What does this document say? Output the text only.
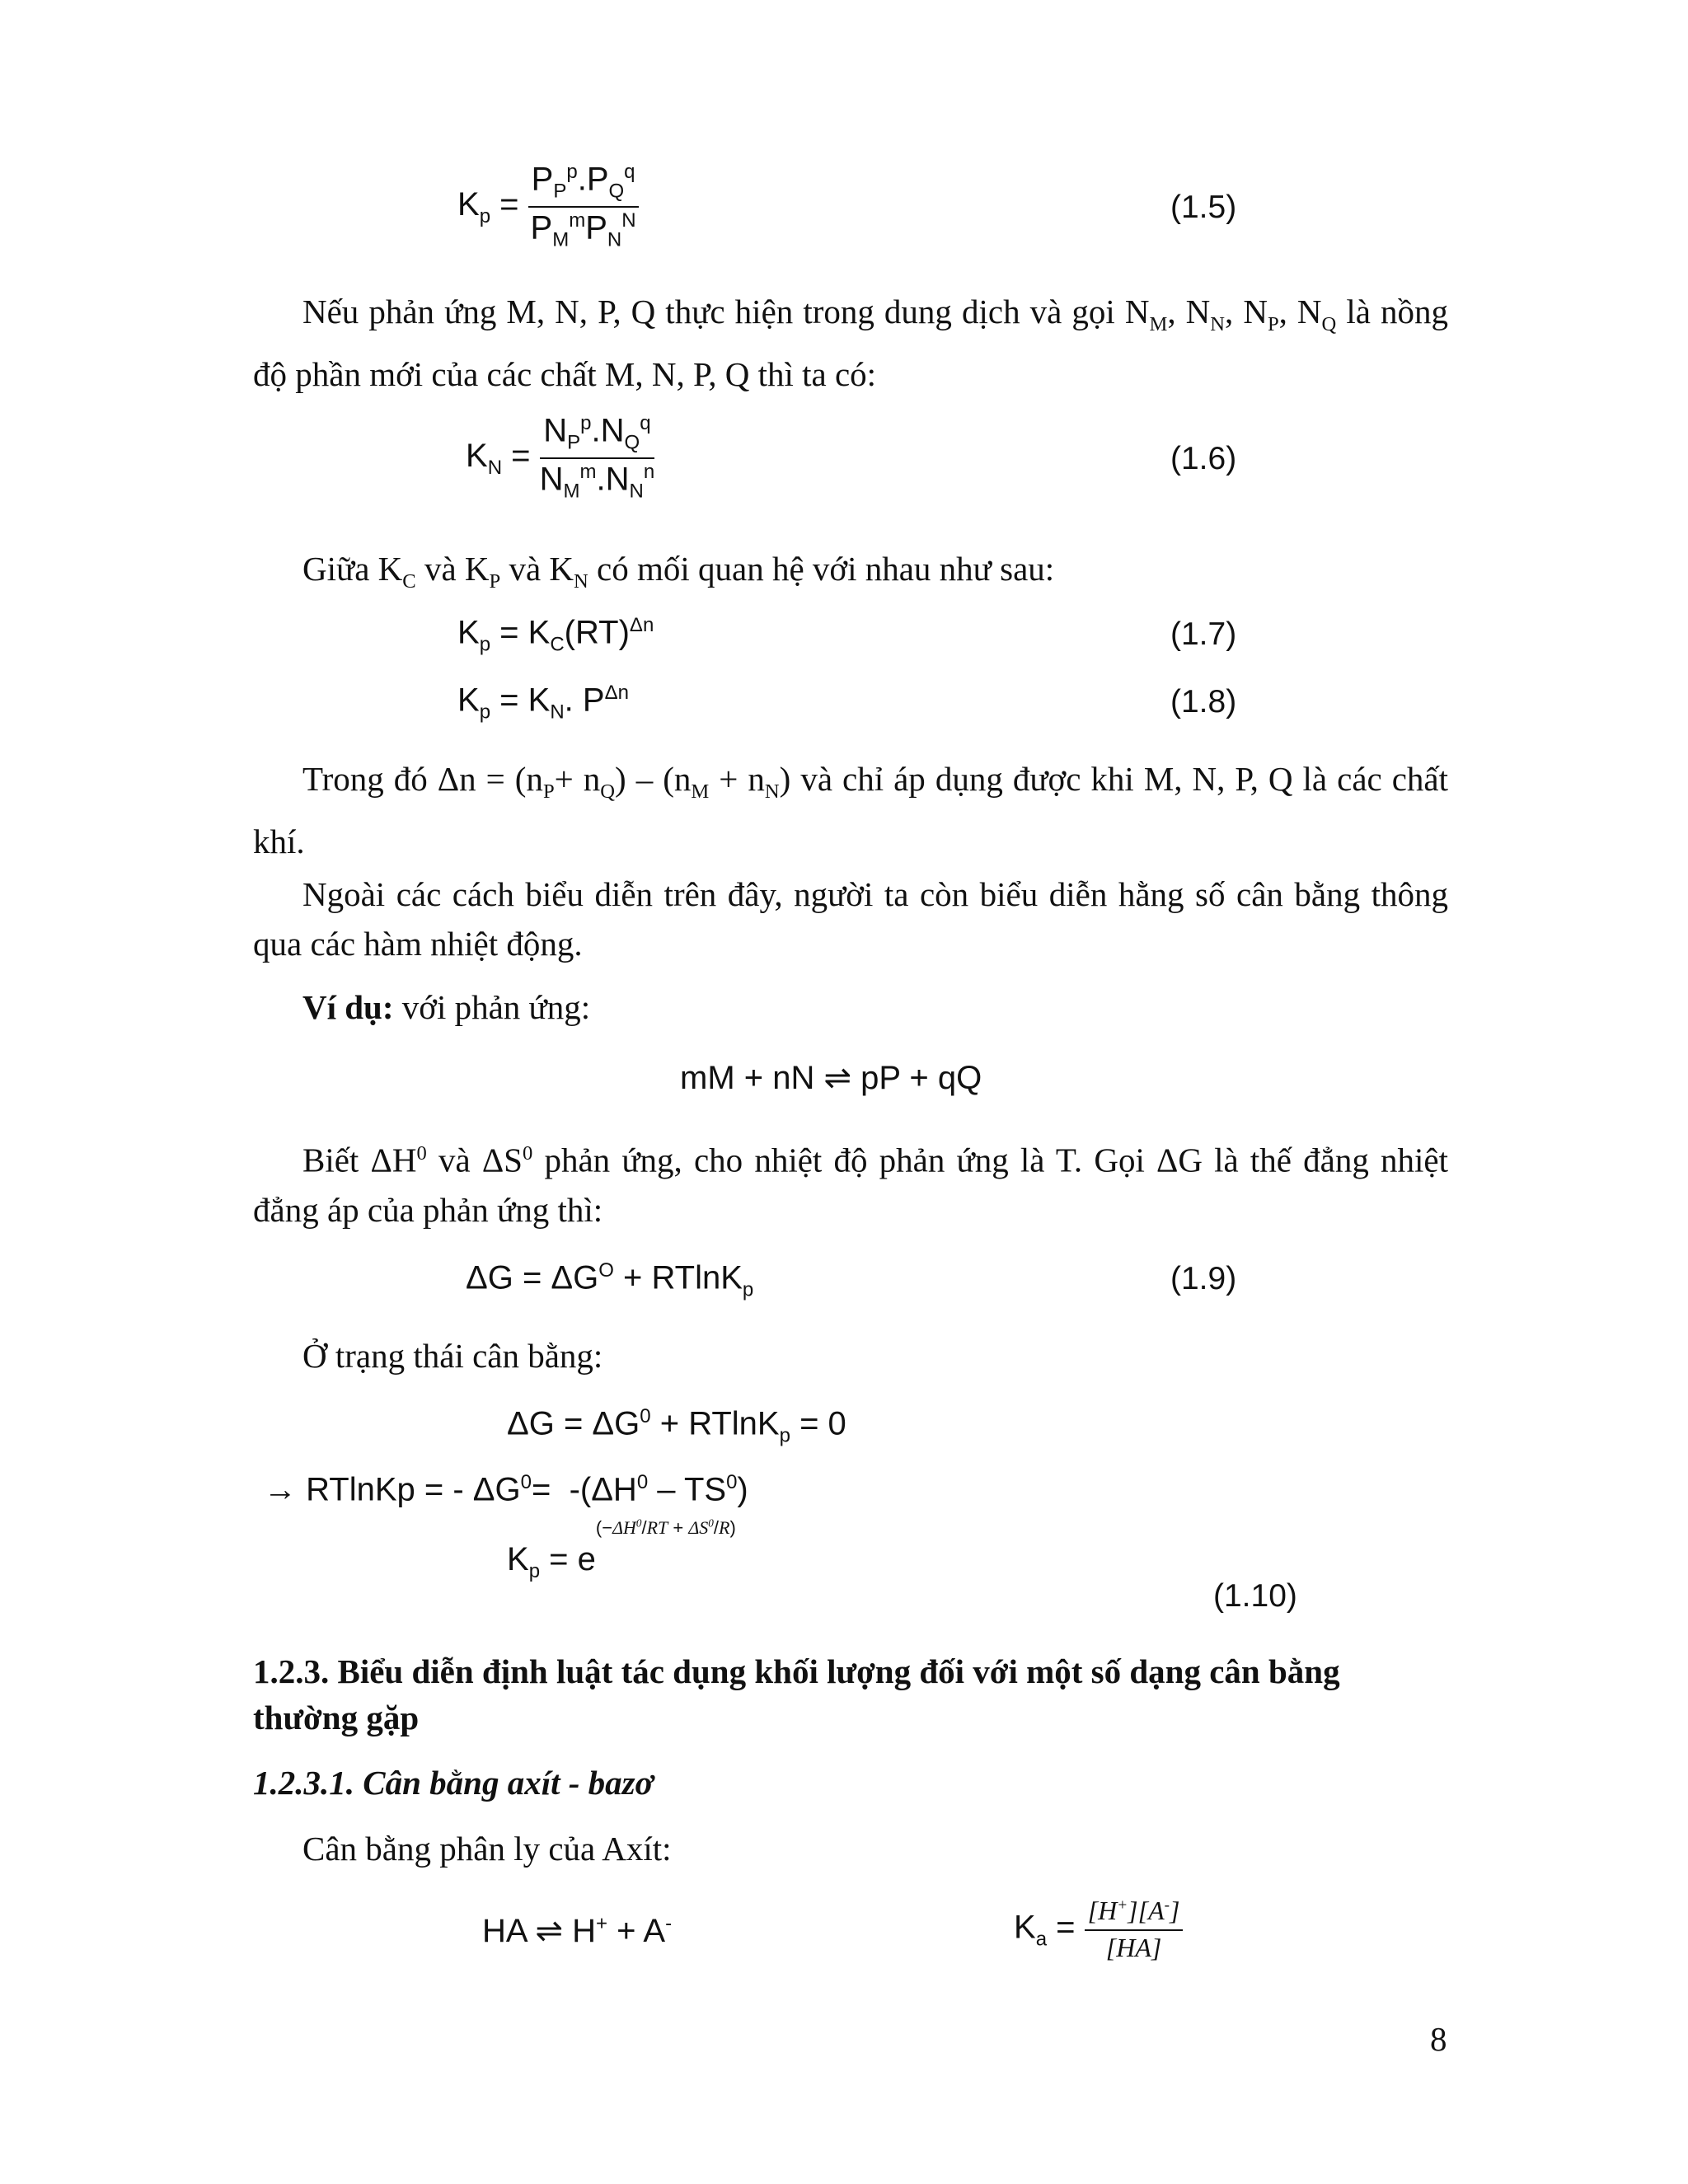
$K_p = \frac{P_P^p.P_Q^q}{P_M^mP_N^N}$	(1.5)
Nếu phản ứng M, N, P, Q thực hiện trong dung dịch và gọi $N_M$, $N_N$, $N_P$, $N_Q$ là nồng độ phần mới của các chất M, N, P, Q thì ta có:
$K_N = \frac{N_P^p.N_Q^q}{N_M^m.N_N^n}$	(1.6)
Giữa $K_C$ và $K_P$ và $K_N$ có mối quan hệ với nhau như sau:
$K_p = K_C(RT)^{\Delta n}$	(1.7)
$K_p = K_N$. $P^{\Delta n}$	(1.8)
Trong đó $\Delta n = (n_P+ n_Q) - (n_M + n_N)$ và chỉ áp dụng được khi M, N, P, Q là các chất khí.
Ngoài các cách biểu diễn trên đây, người ta còn biểu diễn hằng số cân bằng thông qua các hàm nhiệt động.
Ví dụ: với phản ứng:
mM + nN ⇌ pP + qQ
Biết $\Delta H^0$ và $\Delta S^0$ phản ứng, cho nhiệt độ phản ứng là T. Gọi ΔG là thế đẳng nhiệt đẳng áp của phản ứng thì:
$\Delta G = \Delta G^O + RTlnK_p$	(1.9)
Ở trạng thái cân bằng:
$\Delta G = \Delta G^0 + RTlnK_p = 0$
→ RTlnKp = - $\Delta G^0= -(\Delta H^0 - TS^0)$
$K_p = e^{(-\Delta H^0/RT + \Delta S^0/R)}$
(1.10)
1.2.3. Biểu diễn định luật tác dụng khối lượng đối với một số dạng cân bằng thường gặp
1.2.3.1. Cân bằng axít - bazơ
Cân bằng phân ly của Axít:
HA ⇌ H+ + A-	$K_a = \frac{[H^+][A^-]}{[HA]}$
8
